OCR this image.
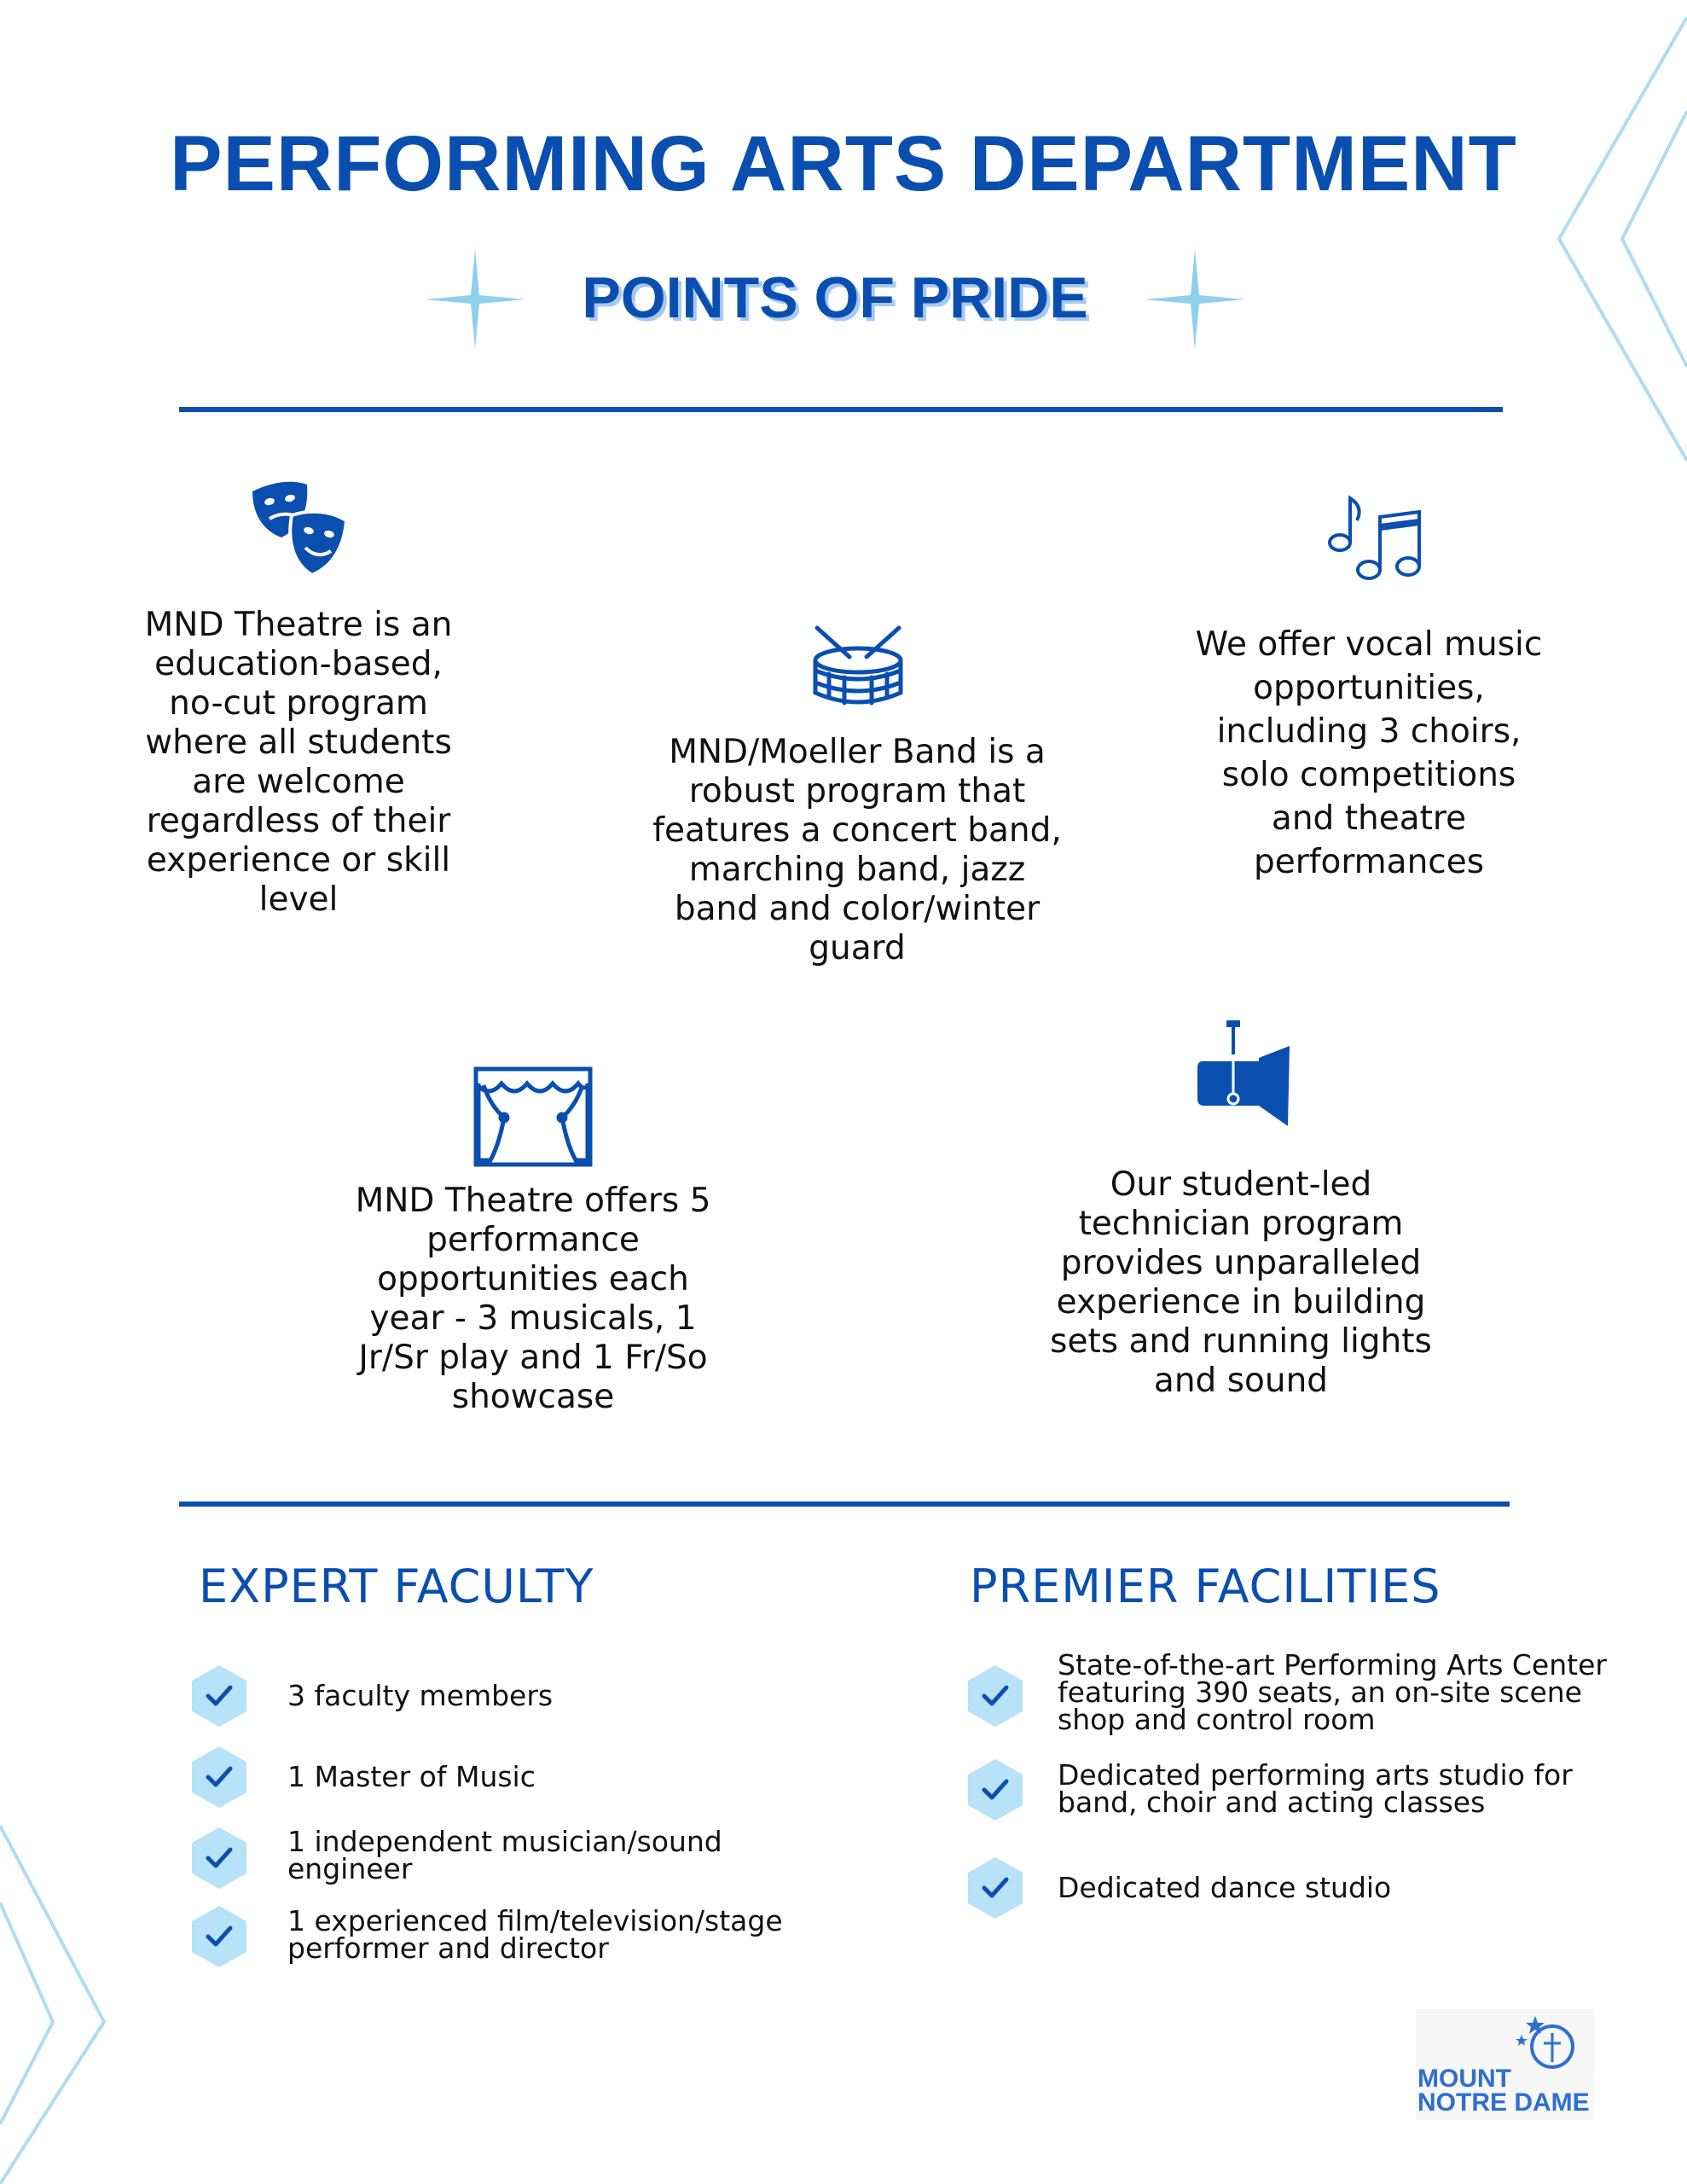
PERFORMING ARTS DEPARTMENT
POINTS OF PRIDE
MND Theatre is an education-based, no-cut program where all students are welcome regardless of their experience or skill level
MND/Moeller Band is a robust program that features a concert band, marching band, jazz band and color/winter guard
We offer vocal music opportunities, including 3 choirs, solo competitions and theatre performances
MND Theatre offers 5 performance opportunities each year - 3 musicals, 1 Jr/Sr play and 1 Fr/So showcase
Our student-led technician program provides unparalleled experience in building sets and running lights and sound
EXPERT FACULTY	PREMIER FACILITIES
3 faculty members
1 Master of Music
1 independent musician/sound engineer
1 experienced film/television/stage performer and director
State-of-the-art Performing Arts Center featuring 390 seats, an on-site scene shop and control room
Dedicated performing arts studio for band, choir and acting classes
Dedicated dance studio
MOUNT
NOTRE DAME
